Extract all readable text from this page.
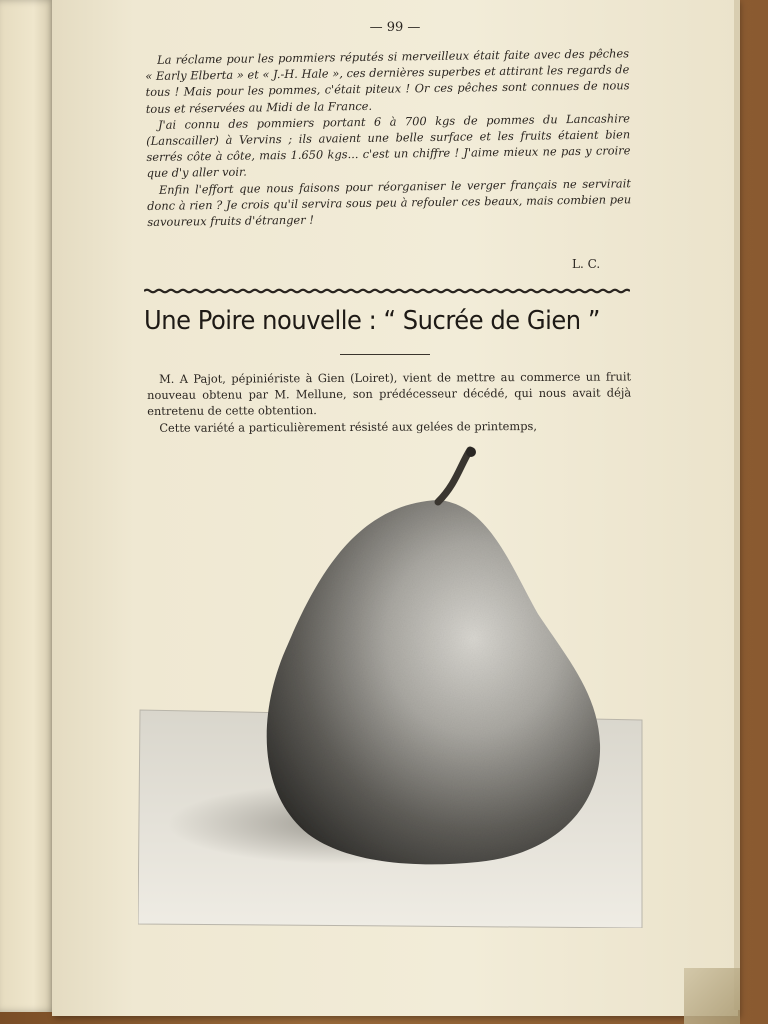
— 99 —

La réclame pour les pommiers réputés si merveilleux était faite avec des pêches « Early Elberta » et « J.-H. Hale », ces dernières superbes et attirant les regards de tous ! Mais pour les pommes, c'était piteux ! Or ces pêches sont connues de nous tous et réservées au Midi de la France.

J'ai connu des pommiers portant 6 à 700 kgs de pommes du Lancashire (Lanscailler) à Vervins ; ils avaient une belle surface et les fruits étaient bien serrés côte à côte, mais 1.650 kgs... c'est un chiffre ! J'aime mieux ne pas y croire que d'y aller voir.

Enfin l'effort que nous faisons pour réorganiser le verger français ne servirait donc à rien ? Je crois qu'il servira sous peu à refouler ces beaux, mais combien peu savoureux fruits d'étranger !

L. C.
Une Poire nouvelle : “ Sucrée de Gien ”

M. A Pajot, pépiniériste à Gien (Loiret), vient de mettre au commerce un fruit nouveau obtenu par M. Mellune, son prédécesseur décédé, qui nous avait déjà entretenu de cette obtention.

Cette variété a particulièrement résisté aux gelées de printemps,
